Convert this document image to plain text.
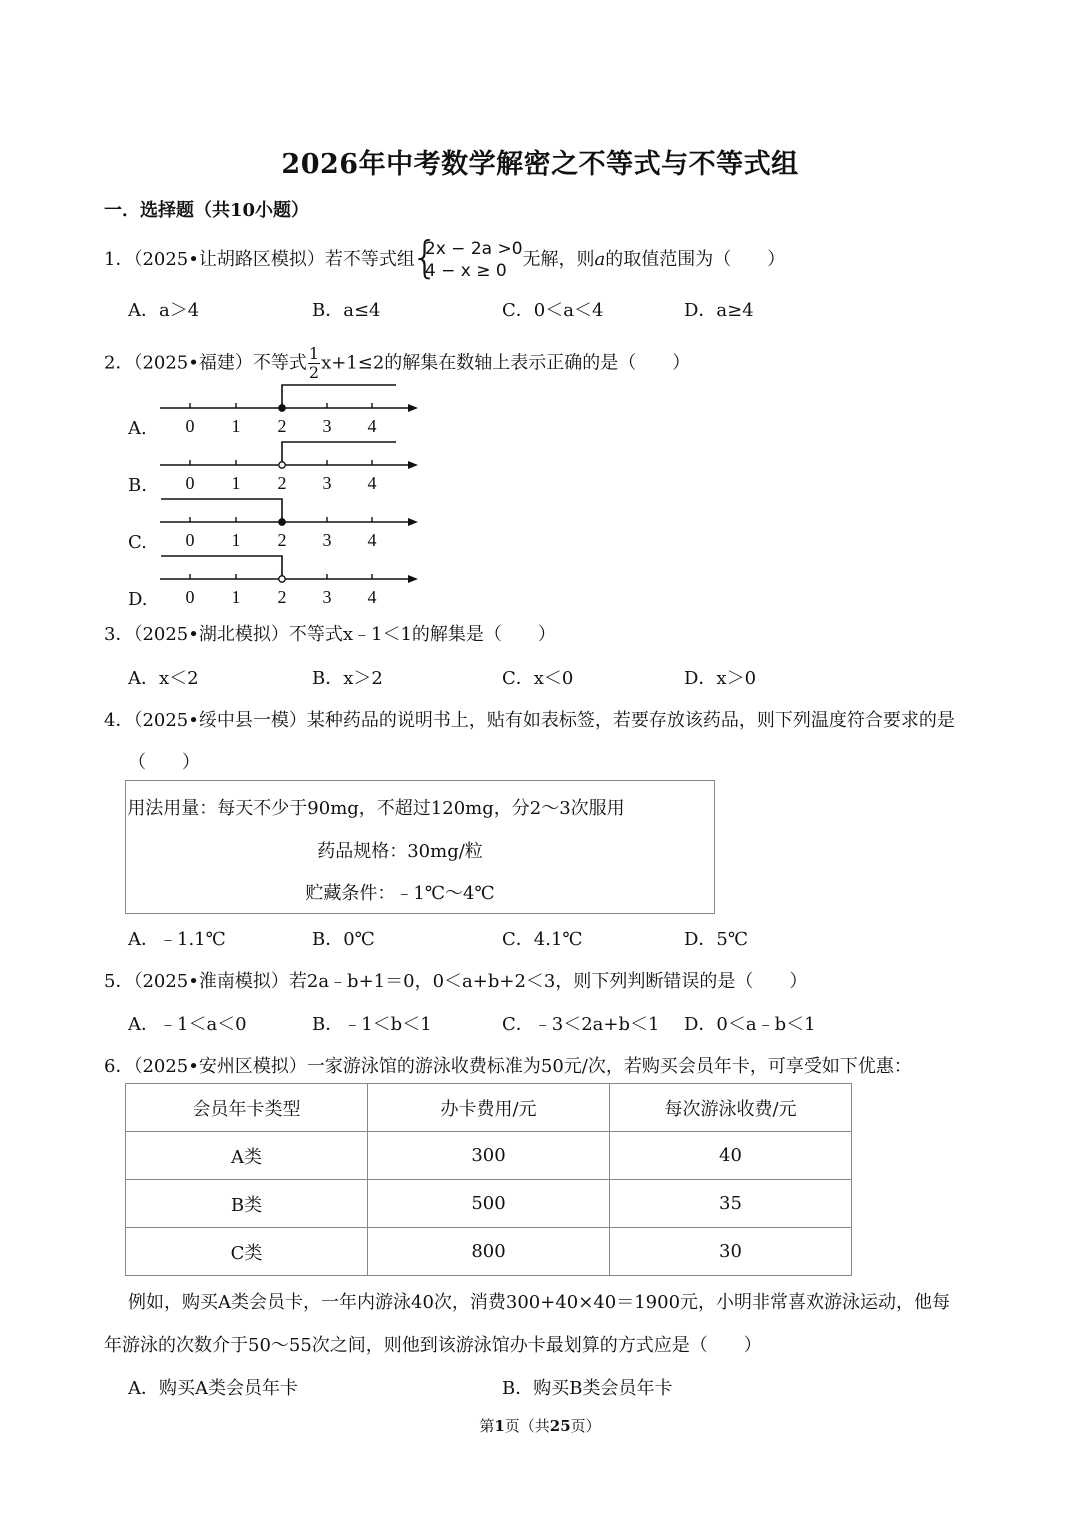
2026年中考数学解密之不等式与不等式组
一．选择题（共10小题）
1．（2025•让胡路区模拟）若不等式组
{
2x − 2a >0
4 − x ≥ 0
无解，则a的取值范围为（　　）
A．a＞4	B．a≤4	C．0＜a＜4	D．a≥4
2．（2025•福建）不等式 $\frac{1}{2} x+1\le 2$的解集在数轴上表示正确的是（　　）
A.
B.
C.
D.
0 1 2 3 4
0 1 2 3 4
0 1 2 3 4
0 1 2 3 4
3．（2025•湖北模拟）不等式x﹣1＜1的解集是（　　）
A．x＜2	B．x＞2	C．x＜0	D．x＞0
4．（2025•绥中县一模）某种药品的说明书上，贴有如表标签，若要存放该药品，则下列温度符合要求的是
（　　）
用法用量：每天不少于90mg，不超过120mg，分2～3次服用
药品规格：30mg/粒
贮藏条件：﹣1℃～4℃
A．﹣1.1℃	B．0℃	C．4.1℃	D．5℃
5．（2025•淮南模拟）若2a﹣b+1＝0，0＜a+b+2＜3，则下列判断错误的是（　　）
A．﹣1＜a＜0	B．﹣1＜b＜1	C．﹣3＜2a+b＜1 D．0＜a﹣b＜1
6．（2025•安州区模拟）一家游泳馆的游泳收费标准为50元/次，若购买会员年卡，可享受如下优惠：
会员年卡类型	办卡费用/元	每次游泳收费/元
A类	300	40
B类	500	35
C类	800	30
例如，购买A类会员卡，一年内游泳40次，消费300+40×40＝1900元，小明非常喜欢游泳运动，他每
年游泳的次数介于50～55次之间，则他到该游泳馆办卡最划算的方式应是（　　）
A．购买A类会员年卡	B．购买B类会员年卡
第1页（共25页）
